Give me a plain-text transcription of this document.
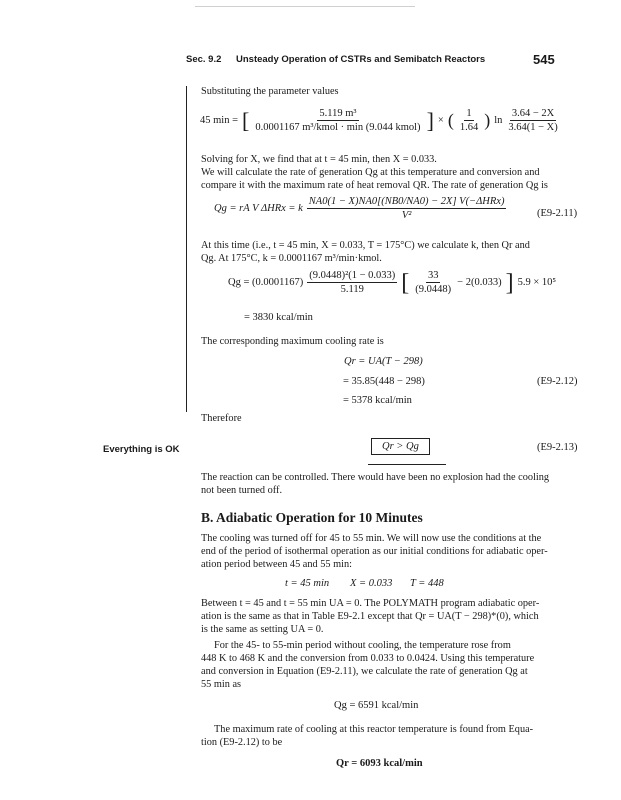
Sec. 9.2 Unsteady Operation of CSTRs and Semibatch Reactors	545
Substituting the parameter values
45 min = [ $\frac{\text{5.119 m³}}{\text{0.0001167 m³/kmol · min (9.044 kmol)}}$ ] × ( $\frac{1}{1.64}$ ) $\ln \frac{3.64 - 2X}{3.64(1 - X)}$
Solving for X, we find that at t = 45 min, then X = 0.033.
We will calculate the rate of generation Qg at this temperature and conversion and
compare it with the maximum rate of heat removal QR. The rate of generation Qg is
Qg = rA V ΔHRx = k $\frac{\text{NA0(1 − X)NA0[(NB0/NA0) − 2X] V(−ΔHRx)}}{\text{V²}}$	(E9-2.11)
At this time (i.e., t = 45 min, X = 0.033, T = 175°C) we calculate k, then Qr and
Qg. At 175°C, k = 0.0001167 m³/min·kmol.
$Qg = (0.0001167) \frac{\text{(9.0448)²(1 − 0.033)}}{5.119}$ [ $\frac{33}{(9.0448)} - 2(0.033)$ ] 5.9 × 10⁵
= 3830 kcal/min
The corresponding maximum cooling rate is
Qr = UA(T − 298)
= 35.85(448 − 298)	(E9-2.12)
= 5378 kcal/min
Therefore
Everything is OK	Qr > Qg	(E9-2.13)
The reaction can be controlled. There would have been no explosion had the cooling
not been turned off.
B. Adiabatic Operation for 10 Minutes
The cooling was turned off for 45 to 55 min. We will now use the conditions at the
end of the period of isothermal operation as our initial conditions for adiabatic oper-
ation period between 45 and 55 min:
t = 45 min X = 0.033 T = 448
Between t = 45 and t = 55 min UA = 0. The POLYMATH program adiabatic oper-
ation is the same as that in Table E9-2.1 except that Qr = UA(T − 298)*(0), which
is the same as setting UA = 0.
For the 45- to 55-min period without cooling, the temperature rose from
448 K to 468 K and the conversion from 0.033 to 0.0424. Using this temperature
and conversion in Equation (E9-2.11), we calculate the rate of generation Qg at
55 min as
Qg = 6591 kcal/min
The maximum rate of cooling at this reactor temperature is found from Equa-
tion (E9-2.12) to be
Qr = 6093 kcal/min
